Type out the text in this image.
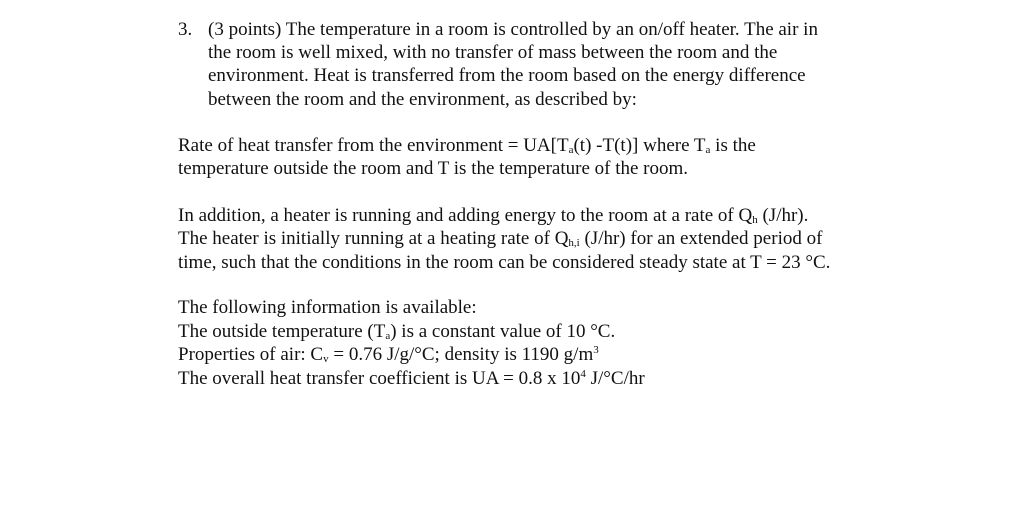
3. (3 points) The temperature in a room is controlled by an on/off heater. The air in
the room is well mixed, with no transfer of mass between the room and the
environment. Heat is transferred from the room based on the energy difference
between the room and the environment, as described by:
Rate of heat transfer from the environment = $UA[T_a(t)$ -T(t)] where $T_a$ is the
temperature outside the room and T is the temperature of the room.
In addition, a heater is running and adding energy to the room at a rate of $Q_h$ (J/hr).
The heater is initially running at a heating rate of $Q_{h,i}$ (J/hr) for an extended period of
time, such that the conditions in the room can be considered steady state at T = 23 °C.
The following information is available:
The outside temperature $(T_a)$ is a constant value of 10 °C.
Properties of air: $C_v = 0.76$ J/g/°C; density is 1190 $g/m^3$
The overall heat transfer coefficient is UA = 0.8 x $10^4$ J/°C/hr
